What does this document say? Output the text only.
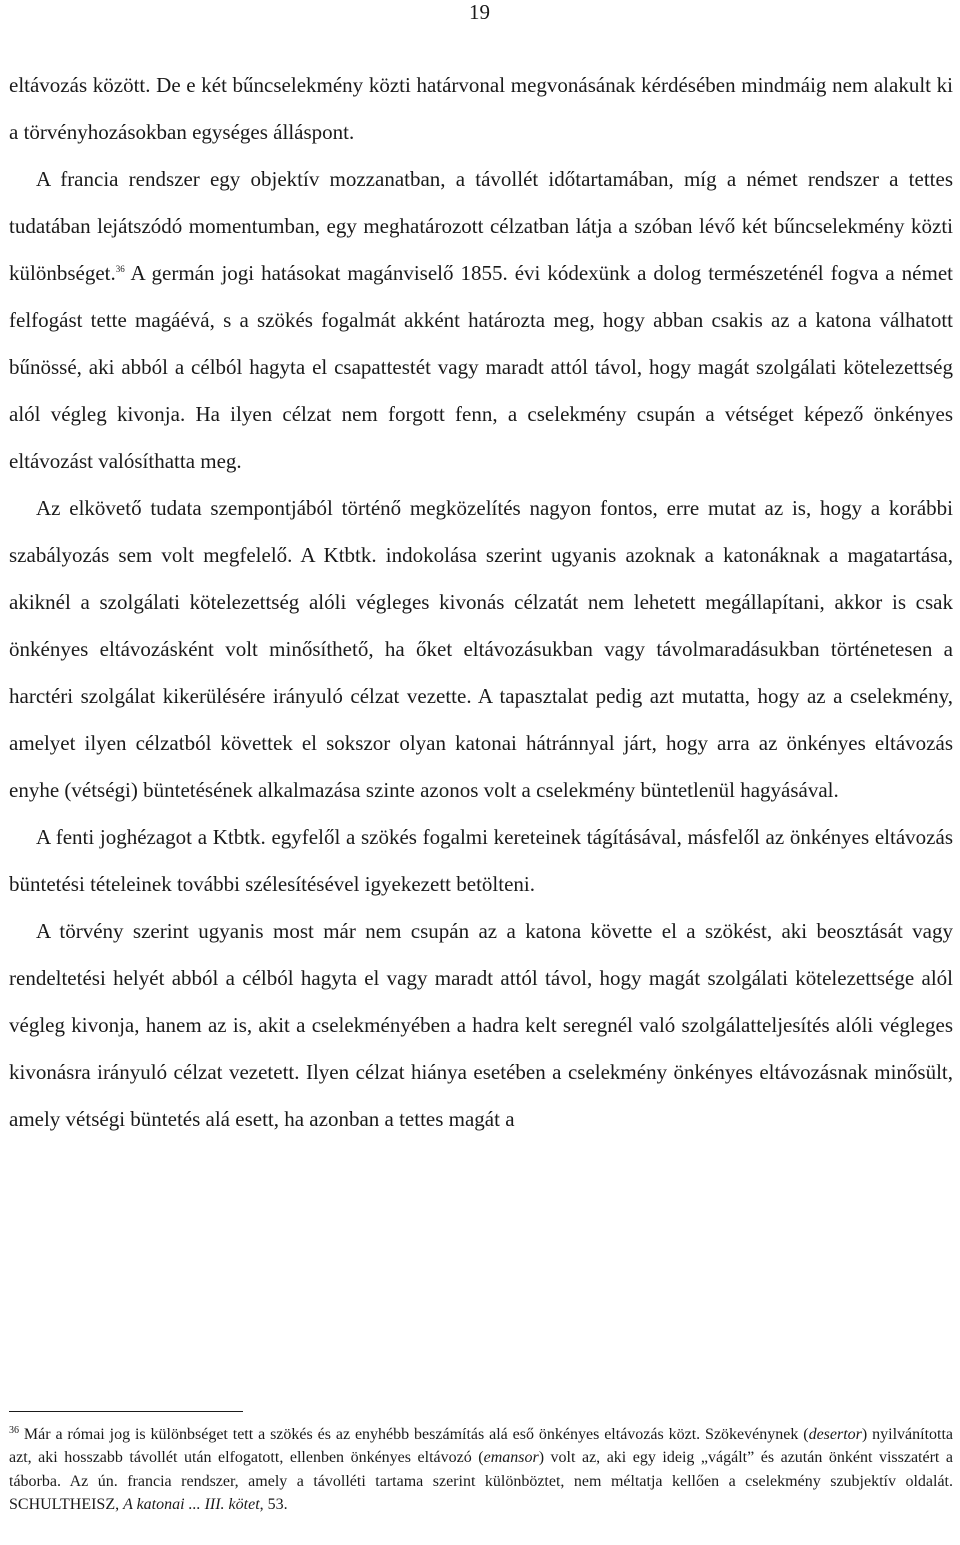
19

eltávozás között. De e két bűncselekmény közti határvonal megvonásának kérdésében mindmáig nem alakult ki a törvényhozásokban egységes álláspont.

A francia rendszer egy objektív mozzanatban, a távollét időtartamában, míg a német rendszer a tettes tudatában lejátszódó momentumban, egy meghatározott célzatban látja a szóban lévő két bűncselekmény közti különbséget.$^{36}$ A germán jogi hatásokat magánviselő 1855. évi kódexünk a dolog természeténél fogva a német felfogást tette magáévá, s a szökés fogalmát akként határozta meg, hogy abban csakis az a katona válhatott bűnössé, aki abból a célból hagyta el csapattestét vagy maradt attól távol, hogy magát szolgálati kötelezettség alól végleg kivonja. Ha ilyen célzat nem forgott fenn, a cselekmény csupán a vétséget képező önkényes eltávozást valósíthatta meg.

Az elkövető tudata szempontjából történő megközelítés nagyon fontos, erre mutat az is, hogy a korábbi szabályozás sem volt megfelelő. A Ktbtk. indokolása szerint ugyanis azoknak a katonáknak a magatartása, akiknél a szolgálati kötelezettség alóli végleges kivonás célzatát nem lehetett megállapítani, akkor is csak önkényes eltávozásként volt minősíthető, ha őket eltávozásukban vagy távolmaradásukban történetesen a harctéri szolgálat kikerülésére irányuló célzat vezette. A tapasztalat pedig azt mutatta, hogy az a cselekmény, amelyet ilyen célzatból követtek el sokszor olyan katonai hátránnyal járt, hogy arra az önkényes eltávozás enyhe (vétségi) büntetésének alkalmazása szinte azonos volt a cselekmény büntetlenül hagyásával.

A fenti joghézagot a Ktbtk. egyfelől a szökés fogalmi kereteinek tágításával, másfelől az önkényes eltávozás büntetési tételeinek további szélesítésével igyekezett betölteni.

A törvény szerint ugyanis most már nem csupán az a katona követte el a szökést, aki beosztását vagy rendeltetési helyét abból a célból hagyta el vagy maradt attól távol, hogy magát szolgálati kötelezettsége alól végleg kivonja, hanem az is, akit a cselekményében a hadra kelt seregnél való szolgálatteljesítés alóli végleges kivonásra irányuló célzat vezetett. Ilyen célzat hiánya esetében a cselekmény önkényes eltávozásnak minősült, amely vétségi büntetés alá esett, ha azonban a tettes magát a

$^{36}$ Már a római jog is különbséget tett a szökés és az enyhébb beszámítás alá eső önkényes eltávozás közt. Szökevénynek (desertor) nyilvánította azt, aki hosszabb távollét után elfogatott, ellenben önkényes eltávozó (emansor) volt az, aki egy ideig „vágált” és azután önként visszatért a táborba. Az ún. francia rendszer, amely a távolléti tartama szerint különböztet, nem méltatja kellően a cselekmény szubjektív oldalát. SCHULTHEISZ, A katonai ... III. kötet, 53.
